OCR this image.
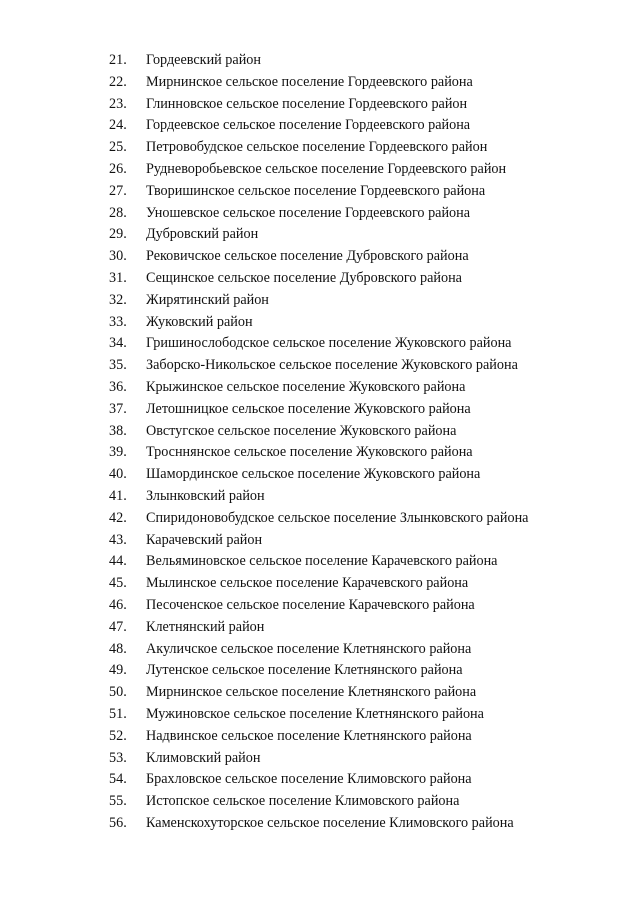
21.	Гордеевский район
22.	Мирнинское сельское поселение Гордеевского района
23.	Глинновское сельское поселение Гордеевского район
24.	Гордеевское сельское поселение Гордеевского района
25.	Петровобудское сельское поселение Гордеевского район
26.	Рудневоробьевское сельское поселение Гордеевского район
27.	Творишинское сельское поселение Гордеевского района
28.	Уношевское сельское поселение Гордеевского района
29.	Дубровский район
30.	Рековичское сельское поселение Дубровского района
31.	Сещинское сельское поселение Дубровского района
32.	Жирятинский район
33.	Жуковский район
34.	Гришинослободское сельское поселение Жуковского района
35.	Заборско-Никольское сельское поселение Жуковского района
36.	Крыжинское сельское поселение Жуковского района
37.	Летошницкое сельское поселение Жуковского района
38.	Овстугское сельское поселение Жуковского района
39.	Тросннянское сельское поселение Жуковского района
40.	Шамординское сельское поселение Жуковского района
41.	Злынковский район
42.	Спиридоновобудское сельское поселение Злынковского района
43.	Карачевский район
44.	Вельяминовское сельское поселение Карачевского района
45.	Мылинское сельское поселение Карачевского района
46.	Песоченское сельское поселение Карачевского района
47.	Клетнянский район
48.	Акуличское сельское поселение Клетнянского района
49.	Лутенское сельское поселение Клетнянского района
50.	Мирнинское сельское поселение Клетнянского района
51.	Мужиновское сельское поселение Клетнянского района
52.	Надвинское сельское поселение Клетнянского района
53.	Климовский район
54.	Брахловское сельское поселение Климовского района
55.	Истопское сельское поселение Климовского района
56.	Каменскохуторское сельское поселение Климовского района
